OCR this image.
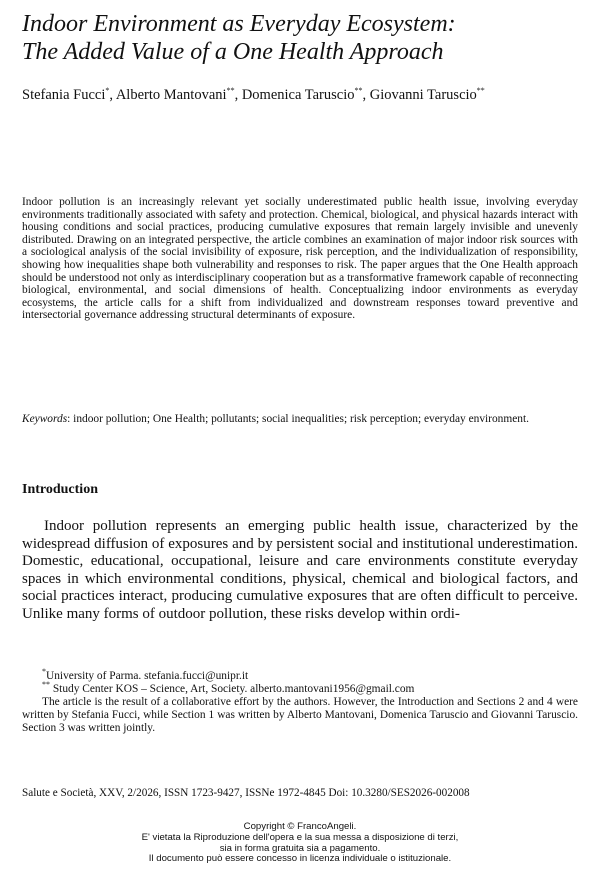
Indoor Environment as Everyday Ecosystem:
The Added Value of a One Health Approach

Stefania Fucci*, Alberto Mantovani**, Domenica Taruscio**, Giovanni Taruscio**

Indoor pollution is an increasingly relevant yet socially underestimated public health issue, involving everyday environments traditionally associated with safety and protection. Chemical, biological, and physical hazards interact with housing conditions and social practices, producing cumulative exposures that remain largely invisible and unevenly distributed. Drawing on an integrated perspective, the article combines an examination of major indoor risk sources with a sociological analysis of the social invisibility of exposure, risk perception, and the individualization of responsibility, showing how inequalities shape both vulnerability and responses to risk. The paper argues that the One Health approach should be understood not only as interdisciplinary cooperation but as a transformative framework capable of reconnecting biological, environmental, and social dimensions of health. Conceptualizing indoor environments as everyday ecosystems, the article calls for a shift from individualized and downstream responses toward preventive and intersectorial governance addressing structural determinants of exposure.

Keywords: indoor pollution; One Health; pollutants; social inequalities; risk perception; everyday environment.

Introduction

Indoor pollution represents an emerging public health issue, characterized by the widespread diffusion of exposures and by persistent social and institutional underestimation. Domestic, educational, occupational, leisure and care environments constitute everyday spaces in which environmental conditions, physical, chemical and biological factors, and social practices interact, producing cumulative exposures that are often difficult to perceive. Unlike many forms of outdoor pollution, these risks develop within ordi-

*University of Parma. stefania.fucci@unipr.it

** Study Center KOS – Science, Art, Society. alberto.mantovani1956@gmail.com

The article is the result of a collaborative effort by the authors. However, the Introduction and Sections 2 and 4 were written by Stefania Fucci, while Section 1 was written by Alberto Mantovani, Domenica Taruscio and Giovanni Taruscio. Section 3 was written jointly.

Salute e Società, XXV, 2/2026, ISSN 1723-9427, ISSNe 1972-4845 Doi: 10.3280/SES2026-002008

Copyright © FrancoAngeli.
E' vietata la Riproduzione dell'opera e la sua messa a disposizione di terzi,
sia in forma gratuita sia a pagamento.
Il documento può essere concesso in licenza individuale o istituzionale.
